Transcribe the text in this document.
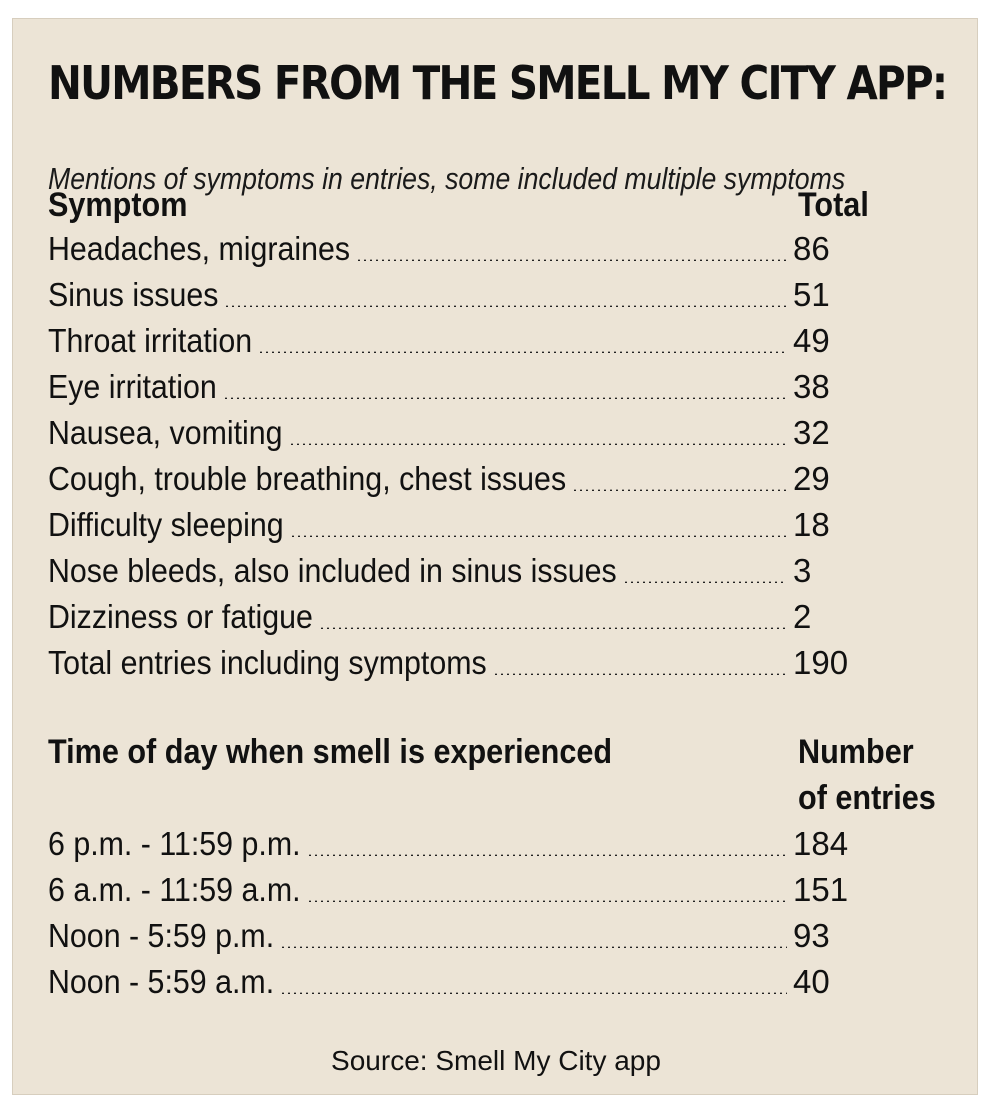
NUMBERS FROM THE SMELL MY CITY APP:

Mentions of symptoms in entries, some included multiple symptoms

Symptom	Total
Headaches, migraines	86
Sinus issues	51
Throat irritation	49
Eye irritation	38
Nausea, vomiting	32
Cough, trouble breathing, chest issues	29
Difficulty sleeping	18
Nose bleeds, also included in sinus issues	3
Dizziness or fatigue	2
Total entries including symptoms	190
Time of day when smell is experienced	Number
of entries
6 p.m. - 11:59 p.m.	184
6 a.m. - 11:59 a.m.	151
Noon - 5:59 p.m.	93
Noon - 5:59 a.m.	40

Source: Smell My City app
